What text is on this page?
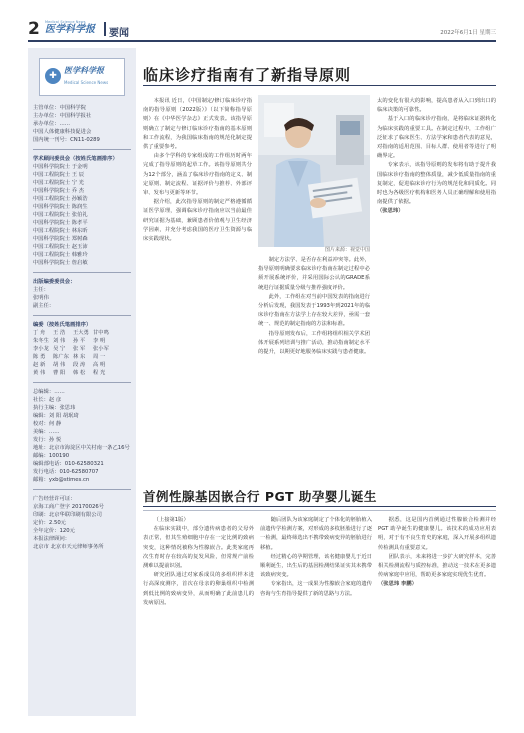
2 Medical Science News
医学科学报	要闻	2022年6月1日 星期三
✚
医学科学报
Medical Science News
主管单位：中国科学院
主办单位：中国科学报社
承办单位：……
中国人体健康科技促进会
国内统一刊号：CN11-0289
学术顾问委员会（按姓氏笔画排序）
中国科学院院士 于金明
中国工程院院士 王 辰
中国工程院院士 宁 光
中国科学院院士 乔 杰
中国工程院院士 孙颖浩
中国科学院院士 陈润生
中国工程院院士 张伯礼
中国科学院院士 陈孝平
中国工程院院士 林东昕
中国科学院院士 郑树森
中国工程院院士 赵玉沛
中国工程院院士 韩雅玲
中国科学院院士 詹启敏
出版编委委员会：
主任：
张明伟
副主任：
编委（按姓氏笔画排序）
丁 舟	王 浩	王大勇 甘中鸣
朱冬生 刘 伟	孙 平	李 明
李小龙 吴 宁	张 军	张小军
陈 勇	陈广东 林 东	周 一
赵 新	胡 伟	段 涛	高 明
黄 伟	曹 阳	韩 松	程 光
总编辑：……
社长：赵 彦
执行主编：张思玮
编辑：刘 阳 胡珉琦
校对：何 静
美编：……
发行：孙 悦
地址：北京市海淀区中关村南一条乙16号
邮编：100190
编辑部电话：010-62580321
发行电话：010-62580707
邮箱：yxb@stimes.cn
广告经营许可证：
京海工商广登字 20170026号
印刷：北京华联印刷有限公司
定价：2.50元
全年定价：120元
本报法律顾问：
北京市 北京市天元律师事务所
临床诊疗指南有了新指导原则
本报讯 近日，《中国制定/修订临床诊疗指南的指导原则（2022版）》（以下简称指导原则）在《中华医学杂志》正式发表。该指导原则确立了制定与修订临床诊疗指南的基本原则和工作流程，为我国临床指南的规范化制定提供了重要参考。
由多个学科的专家组成的工作组历时两年完成了指导原则的起草工作。该指导原则共分为12个部分，涵盖了临床诊疗指南的定义、制定原则、制定流程、证据评价与推荐、外部评审、发布与更新等环节。
据介绍，此次指导原则的制定严格遵循循证医学原理，强调临床诊疗指南应以当前最佳研究证据为基础，兼顾患者价值观与卫生经济学因素，并充分考虑我国的医疗卫生资源与临床实践现状。
图片来源：视觉中国
制定方法学、是否存在利益冲突等。此外，指导原则明确要求临床诊疗指南在制定过程中必须开展系统评价，并采用国际公认的GRADE系统进行证据质量分级与推荐强度评价。
此外，工作组在对当前中国发表的指南进行分析后发现，我国发表于1993年到2021年的临床诊疗指南在方法学上存在较大差异，亟需一套统一、规范的制定指南的方法和标准。
指导原则发布后，工作组将组织相关学术团体开展系列培训与推广活动，推动指南制定水平的提升，以期更好地服务临床实践与患者健康。
太的变化有很大的影响，提高患者从入口到出口的临床决策的可靠性。
基于入口的临床诊疗指南，是将临床证据转化为临床实践的重要工具。在制定过程中，工作组广泛征求了临床医生、方法学家和患者代表的意见，对指南的适用范围、目标人群、使用者等进行了明确界定。
专家表示，该指导原则的发布将有助于提升我国临床诊疗指南的整体质量，减少低质量指南的重复制定，促进临床诊疗行为的规范化和同质化。同时也为各级医疗机构和医务人员正确理解和使用指南提供了依据。
（张思玮）
首例性腺基因嵌合行 PGT 助孕婴儿诞生
（上接第1版）
在临床实践中，部分遗传病患者的父母外表正常，但其生殖细胞中存在一定比例的致病突变，这种情况被称为性腺嵌合。此类家庭再次生育时存在较高的复发风险，但常规产前检测难以提前识别。
研究团队通过对家系成员的多组织样本进行高深度测序，首次在母亲的卵巢组织中检测到低比例的致病变异，从而明确了此前患儿的发病原因。
随后团队为该家庭制定了个体化的胚胎植入前遗传学检测方案，对形成的多枚胚胎进行了逐一检测，最终筛选出不携带致病变异的胚胎进行移植。
经过精心的孕期管理，该名健康婴儿于近日顺利诞生，出生后的基因检测结果证实其未携带该致病突变。
专家指出，这一成果为性腺嵌合家庭的遗传咨询与生育指导提供了新的思路与方法。
据悉，这是国内首例通过性腺嵌合检测并经 PGT 助孕诞生的健康婴儿。该技术的成功应用表明，对于有不良生育史的家庭，深入开展多组织遗传检测具有重要意义。
团队表示，未来将进一步扩大研究样本，完善相关检测流程与质控标准，推动这一技术在更多遗传病家庭中应用，帮助更多家庭实现优生优育。
（张思玮 李鹏）
